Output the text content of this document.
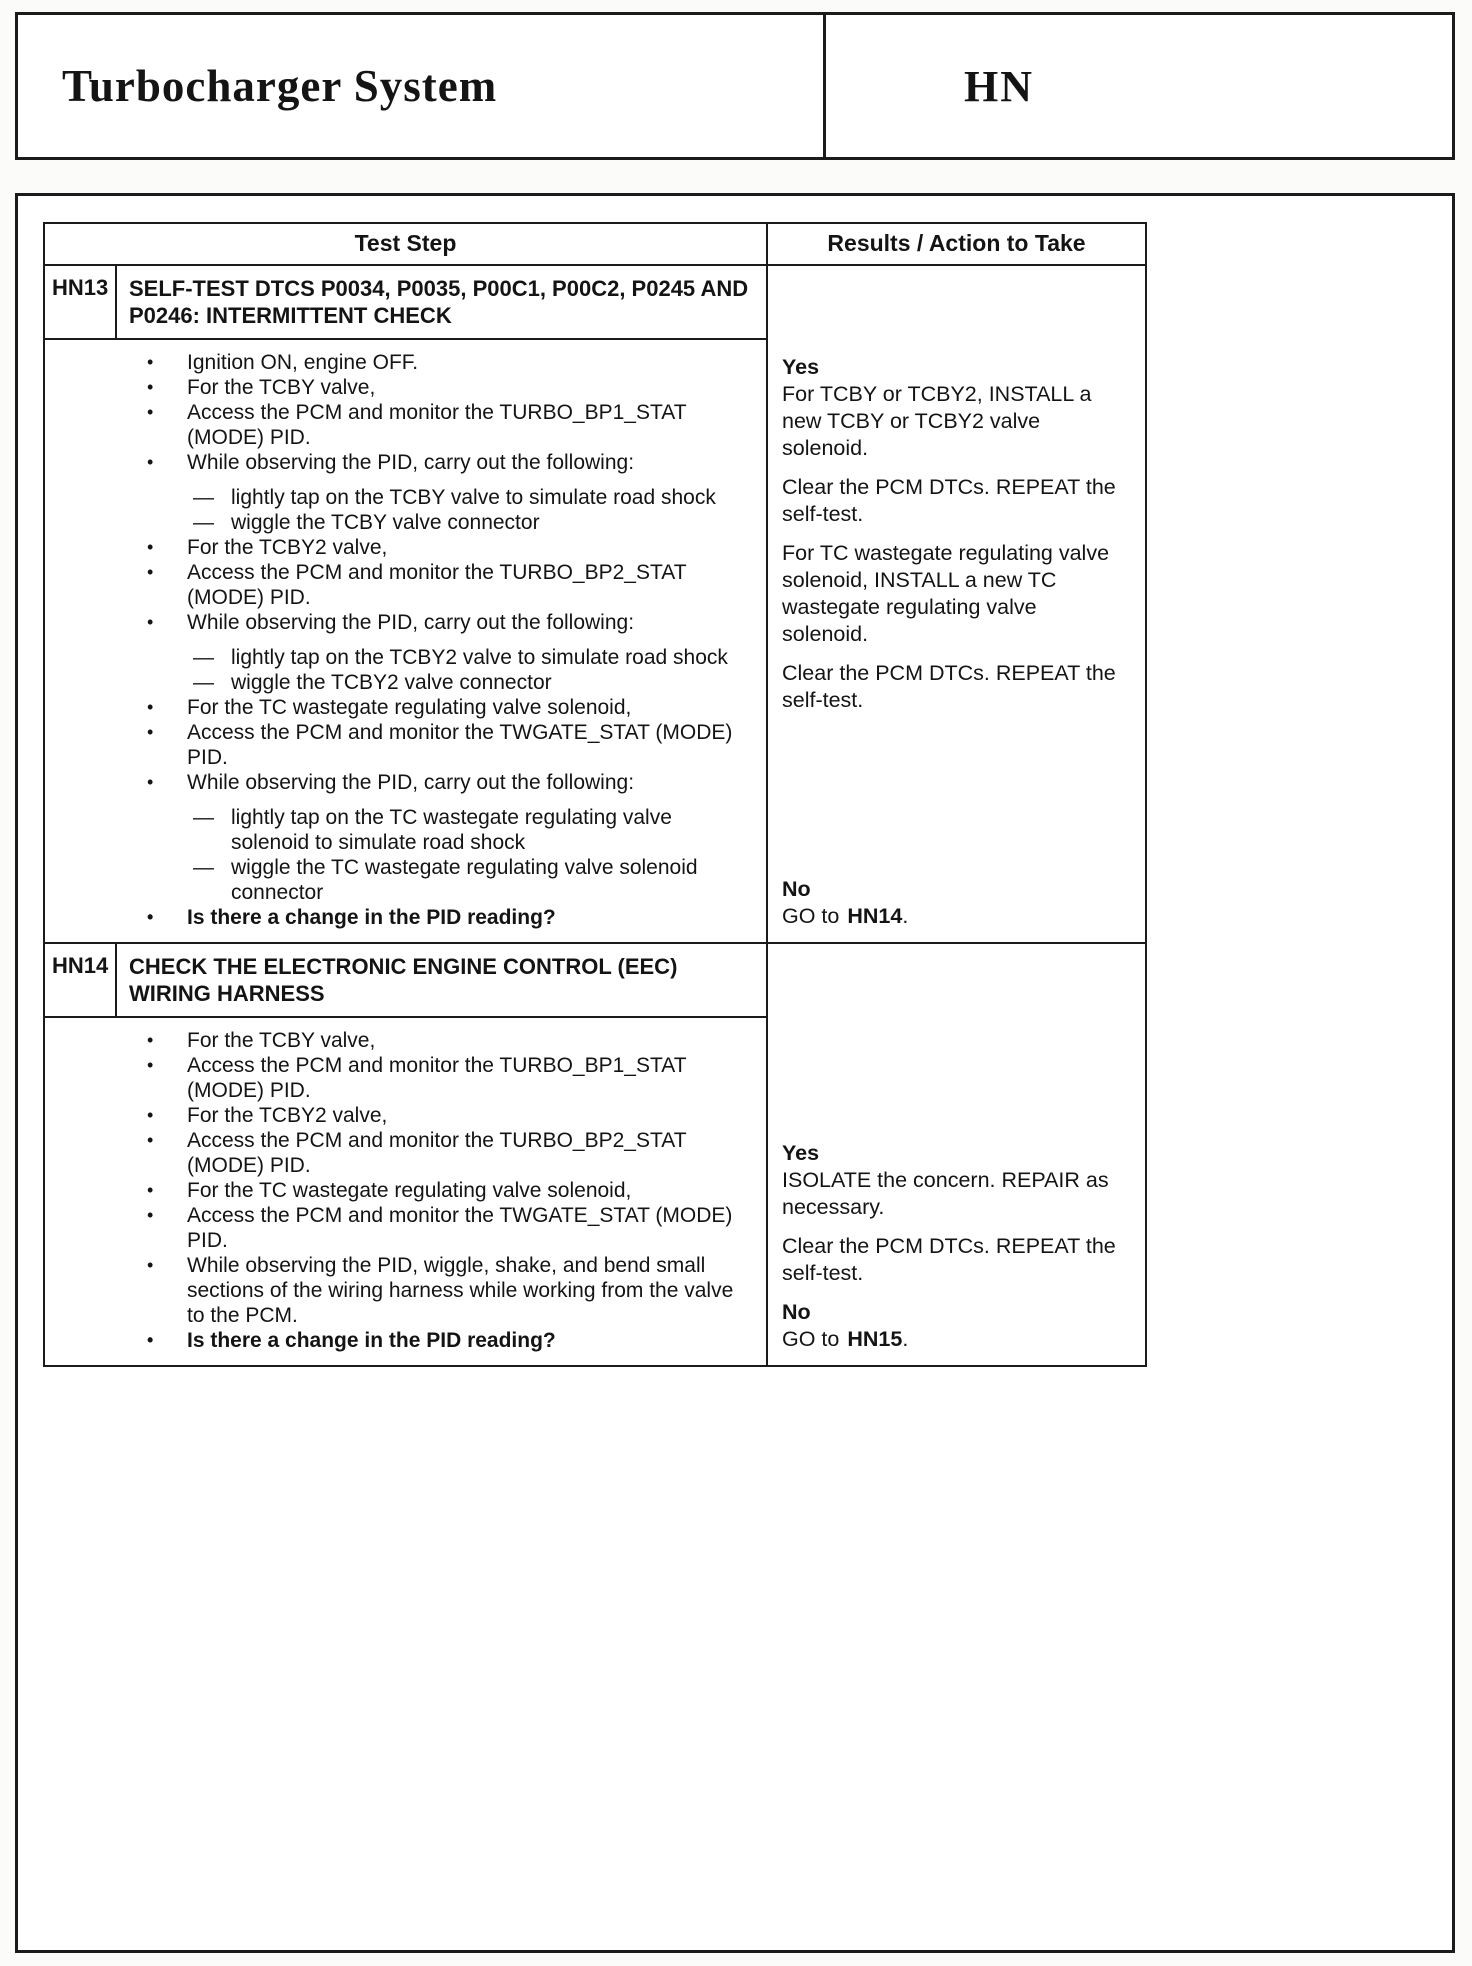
Turbocharger System	HN
Test Step	Results / Action to Take
HN13 SELF-TEST DTCS P0034, P0035, P00C1, P00C2, P0245 AND P0246: INTERMITTENT CHECK
•	Ignition ON, engine OFF.
•	For the TCBY valve,
•	Access the PCM and monitor the TURBO_BP1_STAT (MODE) PID.
•	While observing the PID, carry out the following:
— lightly tap on the TCBY valve to simulate road shock
— wiggle the TCBY valve connector
•	For the TCBY2 valve,
•	Access the PCM and monitor the TURBO_BP2_STAT (MODE) PID.
•	While observing the PID, carry out the following:
— lightly tap on the TCBY2 valve to simulate road shock
— wiggle the TCBY2 valve connector
•	For the TC wastegate regulating valve solenoid,
•	Access the PCM and monitor the TWGATE_STAT (MODE) PID.
•	While observing the PID, carry out the following:
— lightly tap on the TC wastegate regulating valve solenoid to simulate road shock
— wiggle the TC wastegate regulating valve solenoid connector
•	Is there a change in the PID reading?
Yes
For TCBY or TCBY2, INSTALL a new TCBY or TCBY2 valve solenoid.
Clear the PCM DTCs. REPEAT the self-test.
For TC wastegate regulating valve solenoid, INSTALL a new TC wastegate regulating valve solenoid.
Clear the PCM DTCs. REPEAT the self-test.
No
GO to HN14.
HN14 CHECK THE ELECTRONIC ENGINE CONTROL (EEC) WIRING HARNESS
•	For the TCBY valve,
•	Access the PCM and monitor the TURBO_BP1_STAT (MODE) PID.
•	For the TCBY2 valve,
•	Access the PCM and monitor the TURBO_BP2_STAT (MODE) PID.
•	For the TC wastegate regulating valve solenoid,
•	Access the PCM and monitor the TWGATE_STAT (MODE) PID.
•	While observing the PID, wiggle, shake, and bend small sections of the wiring harness while working from the valve to the PCM.
•	Is there a change in the PID reading?
Yes
ISOLATE the concern. REPAIR as necessary.
Clear the PCM DTCs. REPEAT the self-test.
No
GO to HN15.
